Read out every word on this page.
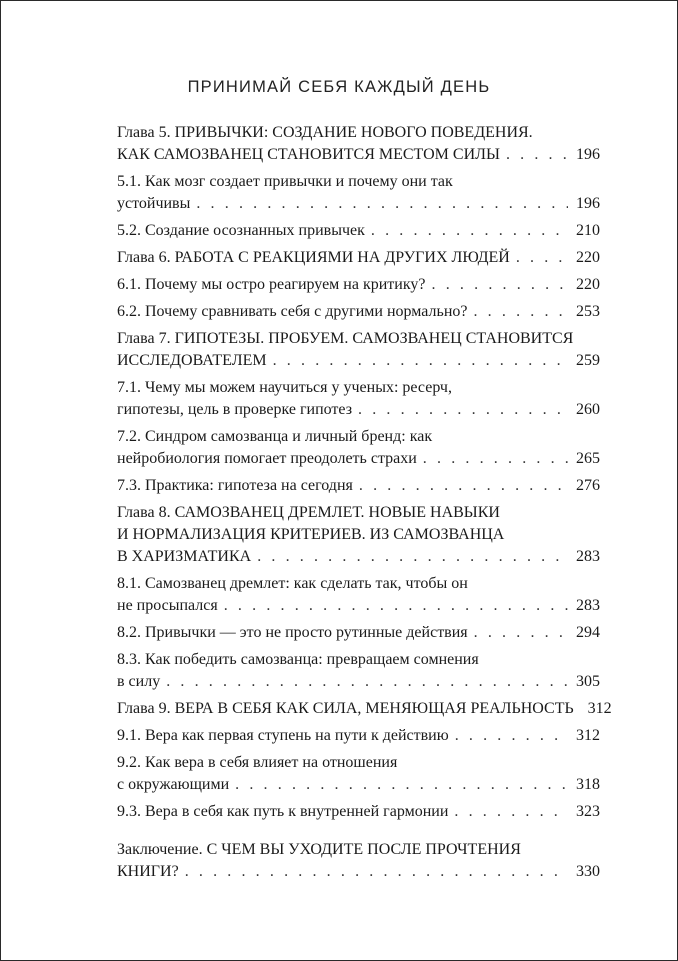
ПРИНИМАЙ СЕБЯ КАЖДЫЙ ДЕНЬ
Глава 5. ПРИВЫЧКИ: СОЗДАНИЕ НОВОГО ПОВЕДЕНИЯ.
КАК САМОЗВАНЕЦ СТАНОВИТСЯ МЕСТОМ СИЛЫ . . .	196
5.1. Как мозг создает привычки и почему они так
устойчивы . . .	196
5.2. Создание осознанных привычек . . .	210
Глава 6. РАБОТА С РЕАКЦИЯМИ НА ДРУГИХ ЛЮДЕЙ . . .	220
6.1. Почему мы остро реагируем на критику? . . .	220
6.2. Почему сравнивать себя с другими нормально? . . .	253
Глава 7. ГИПОТЕЗЫ. ПРОБУЕМ. САМОЗВАНЕЦ СТАНОВИТСЯ
ИССЛЕДОВАТЕЛЕМ . . .	259
7.1. Чему мы можем научиться у ученых: ресерч,
гипотезы, цель в проверке гипотез . . .	260
7.2. Синдром самозванца и личный бренд: как
нейробиология помогает преодолеть страхи . . .	265
7.3. Практика: гипотеза на сегодня . . .	276
Глава 8. САМОЗВАНЕЦ ДРЕМЛЕТ. НОВЫЕ НАВЫКИ
И НОРМАЛИЗАЦИЯ КРИТЕРИЕВ. ИЗ САМОЗВАНЦА
В ХАРИЗМАТИКА . . .	283
8.1. Самозванец дремлет: как сделать так, чтобы он
не просыпался . . .	283
8.2. Привычки — это не просто рутинные действия . . .	294
8.3. Как победить самозванца: превращаем сомнения
в силу . . .	305
Глава 9. ВЕРА В СЕБЯ КАК СИЛА, МЕНЯЮЩАЯ РЕАЛЬНОСТЬ 312
9.1. Вера как первая ступень на пути к действию . . .	312
9.2. Как вера в себя влияет на отношения
с окружающими . . .	318
9.3. Вера в себя как путь к внутренней гармонии . . .	323
Заключение. С ЧЕМ ВЫ УХОДИТЕ ПОСЛЕ ПРОЧТЕНИЯ
КНИГИ? . . .	330
